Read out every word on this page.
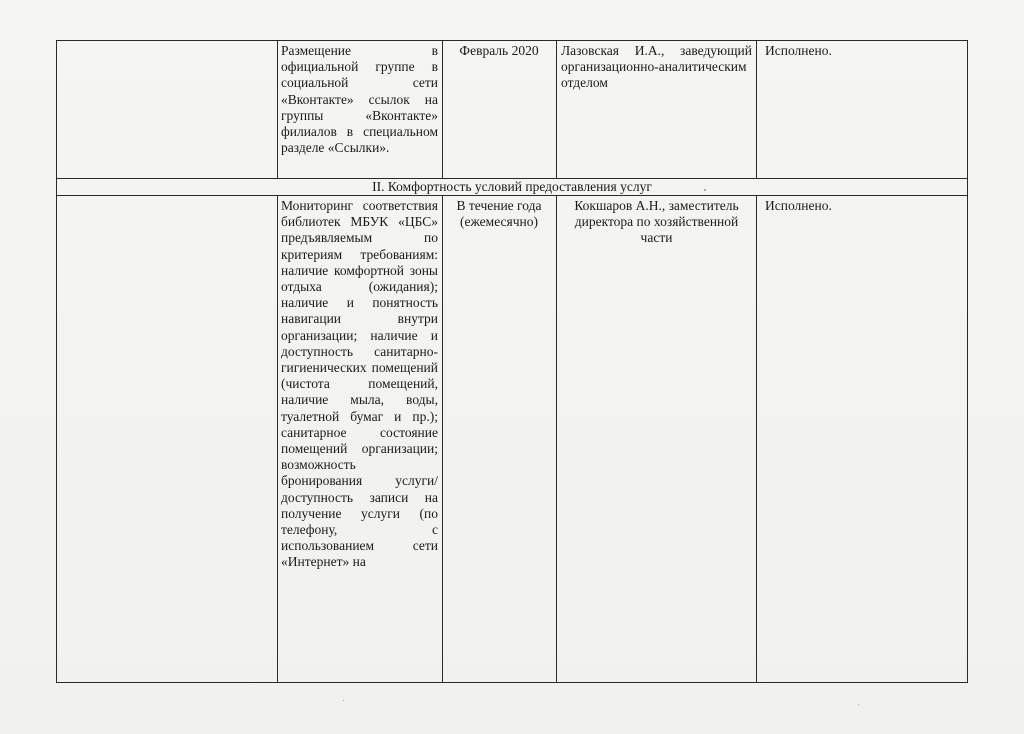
Размещение в официальной группе в социальной сети «Вконтакте» ссылок на группы «Вконтакте» филиалов в специальном разделе «Ссылки».
Февраль 2020	Лазовская И.А., заведующий организационно-аналитическим отделом
Исполнено.
II. Комфортность условий предоставления услуг
Мониторинг соответствия библиотек МБУК «ЦБС» предъявляемым по критериям требованиям: наличие комфортной зоны отдыха (ожидания); наличие и понятность навигации внутри организации; наличие и доступность санитарно-гигиенических помещений (чистота помещений, наличие мыла, воды, туалетной бумаг и пр.); санитарное состояние помещений организации; возможность бронирования услуги/доступность записи на получение услуги (по телефону, с использованием сети «Интернет» на
В течение года (ежемесячно)
Кокшаров А.Н., заместитель директора по хозяйственной части
Исполнено.
